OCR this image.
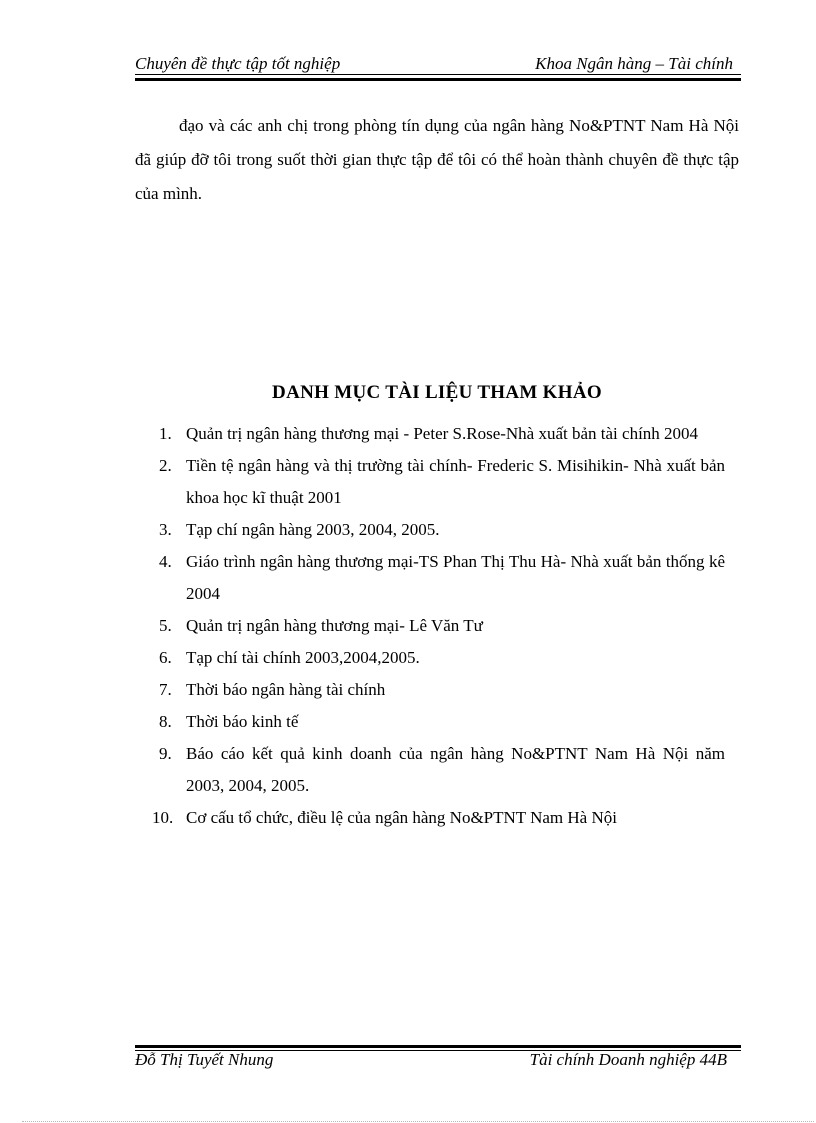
Chuyên đề thực tập tốt nghiệp	Khoa Ngân hàng – Tài chính

đạo và các anh chị trong phòng tín dụng của ngân hàng No&PTNT Nam Hà Nội đã giúp đỡ tôi trong suốt thời gian thực tập để tôi có thể hoàn thành chuyên đề thực tập của mình.

DANH MỤC TÀI LIỆU THAM KHẢO
1. Quản trị ngân hàng thương mại - Peter S.Rose-Nhà xuất bản tài chính 2004
2. Tiền tệ ngân hàng và thị trường tài chính- Frederic S. Misihikin- Nhà xuất bản khoa học kĩ thuật 2001
3. Tạp chí ngân hàng 2003, 2004, 2005.
4. Giáo trình ngân hàng thương mại-TS Phan Thị Thu Hà- Nhà xuất bản thống kê 2004
5. Quản trị ngân hàng thương mại- Lê Văn Tư
6. Tạp chí tài chính 2003,2004,2005.
7. Thời báo ngân hàng tài chính
8. Thời báo kinh tế
9. Báo cáo kết quả kinh doanh của ngân hàng No&PTNT Nam Hà Nội năm 2003, 2004, 2005.
10. Cơ cấu tổ chức, điều lệ của ngân hàng No&PTNT Nam Hà Nội
Đỗ Thị Tuyết Nhung	Tài chính Doanh nghiệp 44B
